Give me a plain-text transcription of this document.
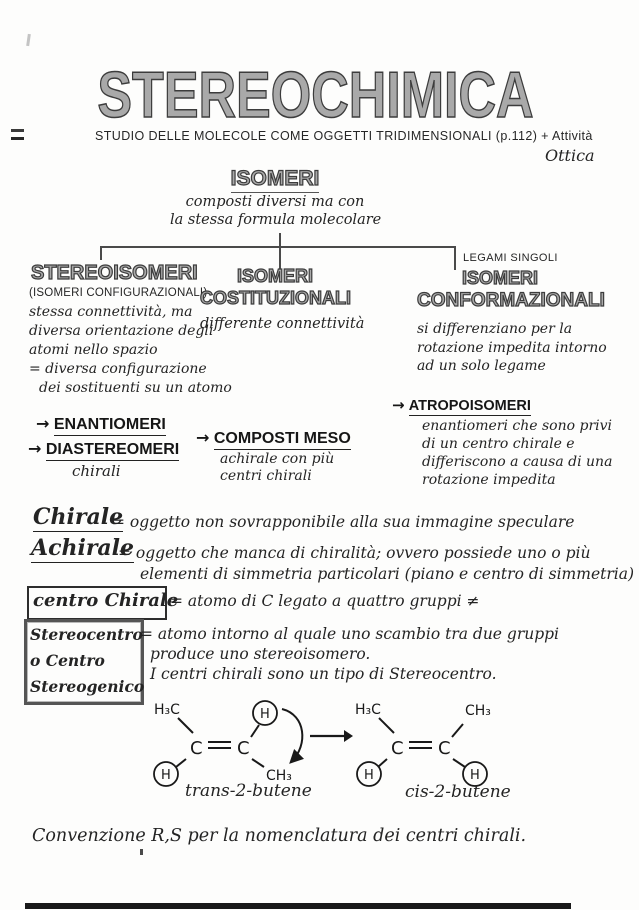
STEREOCHIMICA
STUDIO DELLE MOLECOLE COME OGGETTI TRIDIMENSIONALI (p.112) + Attività
Ottica
ISOMERI
composti diversi ma con
la stessa formula molecolare
LEGAMI SINGOLI
STEREOISOMERI
(ISOMERI CONFIGURAZIONALI)
stessa connettività, ma
diversa orientazione degli
atomi nello spazio
= diversa configurazione
dei sostituenti su un atomo
ISOMERI
COSTITUZIONALI
differente connettività
ISOMERI
CONFORMAZIONALI
si differenziano per la
rotazione impedita intorno
ad un solo legame
→ ATROPOISOMERI
enantiomeri che sono privi
di un centro chirale e
differiscono a causa di una
rotazione impedita
→ ENANTIOMERI
→ DIASTEREOMERI
chirali
→ COMPOSTI MESO
achirale con più
centri chirali
Chirale
= oggetto non sovrapponibile alla sua immagine speculare
Achirale
= oggetto che manca di chiralità; ovvero possiede uno o più
elementi di simmetria particolari (piano e centro di simmetria)
centro Chirale
= atomo di C legato a quattro gruppi ≠
Stereocentro
o Centro
Stereogenico
= atomo intorno al quale uno scambio tra due gruppi
produce uno stereoisomero.
I centri chirali sono un tipo di Stereocentro.
H₃C
C C
H
H	CH₃
H₃C
C C
CH₃
H	H
trans-2-butene	cis-2-butene
Convenzione R,S per la nomenclatura dei centri chirali.
